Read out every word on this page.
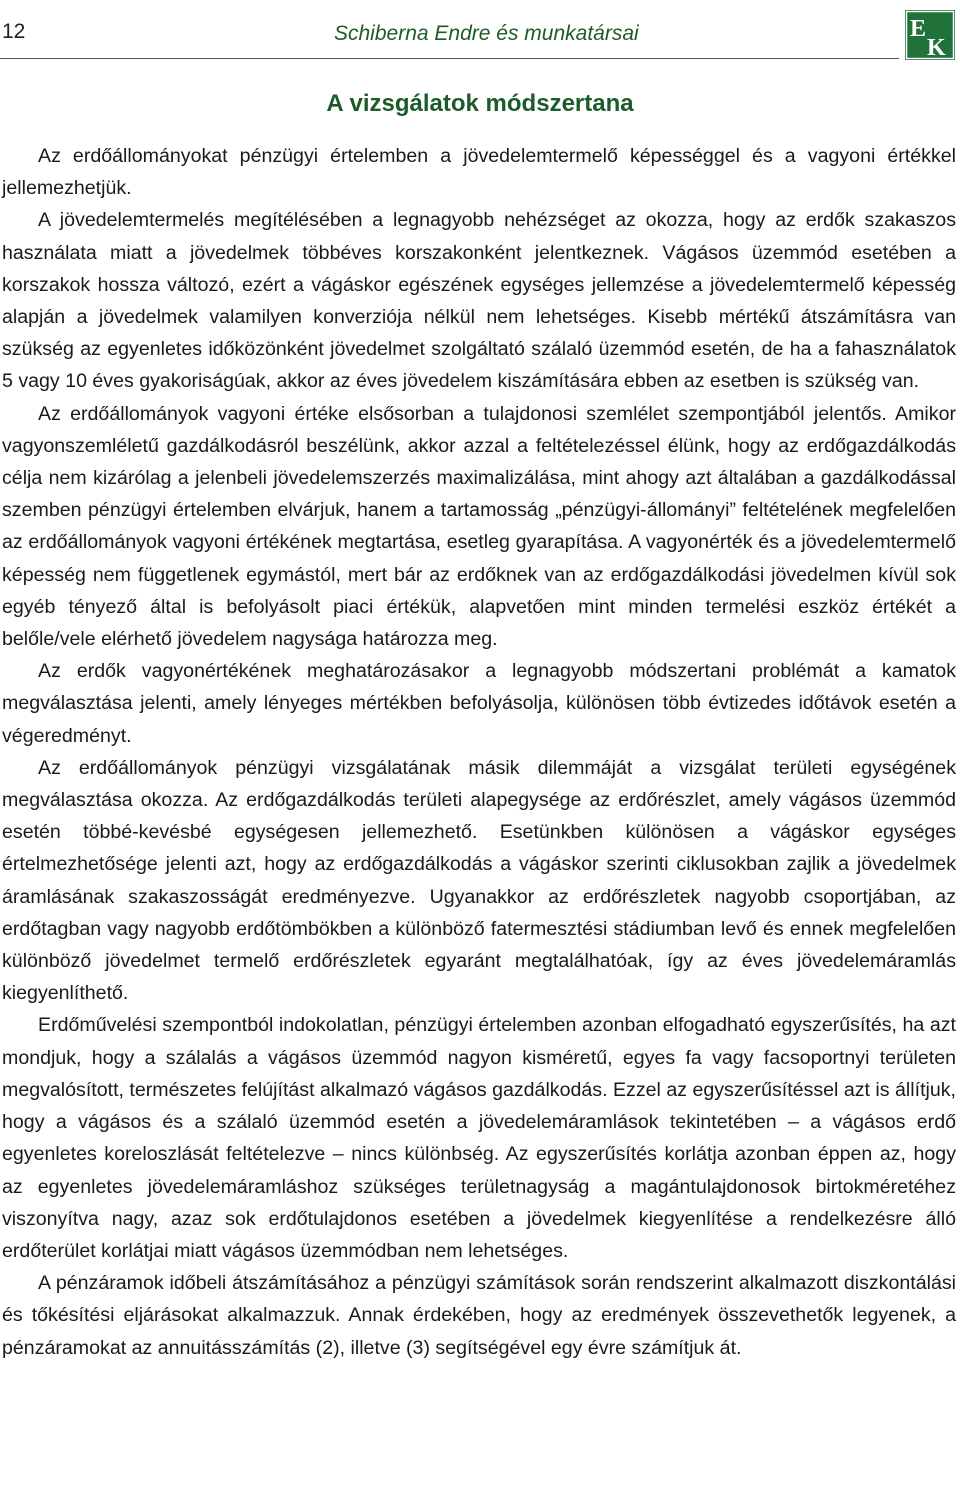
12	Schiberna Endre és munkatársai	E
K
A vizsgálatok módszertana

Az erdőállományokat pénzügyi értelemben a jövedelemtermelő képességgel és a vagyoni értékkel jellemezhetjük.

A jövedelemtermelés megítélésében a legnagyobb nehézséget az okozza, hogy az erdők szakaszos használata miatt a jövedelmek többéves korszakonként jelentkeznek. Vágásos üzemmód esetében a korszakok hossza változó, ezért a vágáskor egészének egységes jellemzése a jövedelemtermelő képesség alapján a jövedelmek valamilyen konverziója nélkül nem lehetséges. Kisebb mértékű átszámításra van szükség az egyenletes időközönként jövedelmet szolgáltató szálaló üzemmód esetén, de ha a fahasználatok 5 vagy 10 éves gyakoriságúak, akkor az éves jövedelem kiszámítására ebben az esetben is szükség van.

Az erdőállományok vagyoni értéke elsősorban a tulajdonosi szemlélet szempontjából jelentős. Amikor vagyonszemléletű gazdálkodásról beszélünk, akkor azzal a feltételezéssel élünk, hogy az erdőgazdálkodás célja nem kizárólag a jelenbeli jövedelemszerzés maximalizálása, mint ahogy azt általában a gazdálkodással szemben pénzügyi értelemben elvárjuk, hanem a tartamosság „pénzügyi-állományi” feltételének megfelelően az erdőállományok vagyoni értékének megtartása, esetleg gyarapítása. A vagyonérték és a jövedelemtermelő képesség nem függetlenek egymástól, mert bár az erdőknek van az erdőgazdálkodási jövedelmen kívül sok egyéb tényező által is befolyásolt piaci értékük, alapvetően mint minden termelési eszköz értékét a belőle/vele elérhető jövedelem nagysága határozza meg.

Az erdők vagyonértékének meghatározásakor a legnagyobb módszertani problémát a kamatok megválasztása jelenti, amely lényeges mértékben befolyásolja, különösen több évtizedes időtávok esetén a végeredményt.

Az erdőállományok pénzügyi vizsgálatának másik dilemmáját a vizsgálat területi egységének megválasztása okozza. Az erdőgazdálkodás területi alapegysége az erdőrészlet, amely vágásos üzemmód esetén többé-kevésbé egységesen jellemezhető. Esetünkben különösen a vágáskor egységes értelmezhetősége jelenti azt, hogy az erdőgazdálkodás a vágáskor szerinti ciklusokban zajlik a jövedelmek áramlásának szakaszosságát eredményezve. Ugyanakkor az erdőrészletek nagyobb csoportjában, az erdőtagban vagy nagyobb erdőtömbökben a különböző fatermesztési stádiumban levő és ennek megfelelően különböző jövedelmet termelő erdőrészletek egyaránt megtalálhatóak, így az éves jövedelemáramlás kiegyenlíthető.

Erdőművelési szempontból indokolatlan, pénzügyi értelemben azonban elfogadható egyszerűsítés, ha azt mondjuk, hogy a szálalás a vágásos üzemmód nagyon kisméretű, egyes fa vagy facsoportnyi területen megvalósított, természetes felújítást alkalmazó vágásos gazdálkodás. Ezzel az egyszerűsítéssel azt is állítjuk, hogy a vágásos és a szálaló üzemmód esetén a jövedelemáramlások tekintetében – a vágásos erdő egyenletes koreloszlását feltételezve – nincs különbség. Az egyszerűsítés korlátja azonban éppen az, hogy az egyenletes jövedelemáramláshoz szükséges területnagyság a magántulajdonosok birtokméretéhez viszonyítva nagy, azaz sok erdőtulajdonos esetében a jövedelmek kiegyenlítése a rendelkezésre álló erdőterület korlátjai miatt vágásos üzemmódban nem lehetséges.

A pénzáramok időbeli átszámításához a pénzügyi számítások során rendszerint alkalmazott diszkontálási és tőkésítési eljárásokat alkalmazzuk. Annak érdekében, hogy az eredmények összevethetők legyenek, a pénzáramokat az annuitásszámítás (2), illetve (3) segítségével egy évre számítjuk át.
